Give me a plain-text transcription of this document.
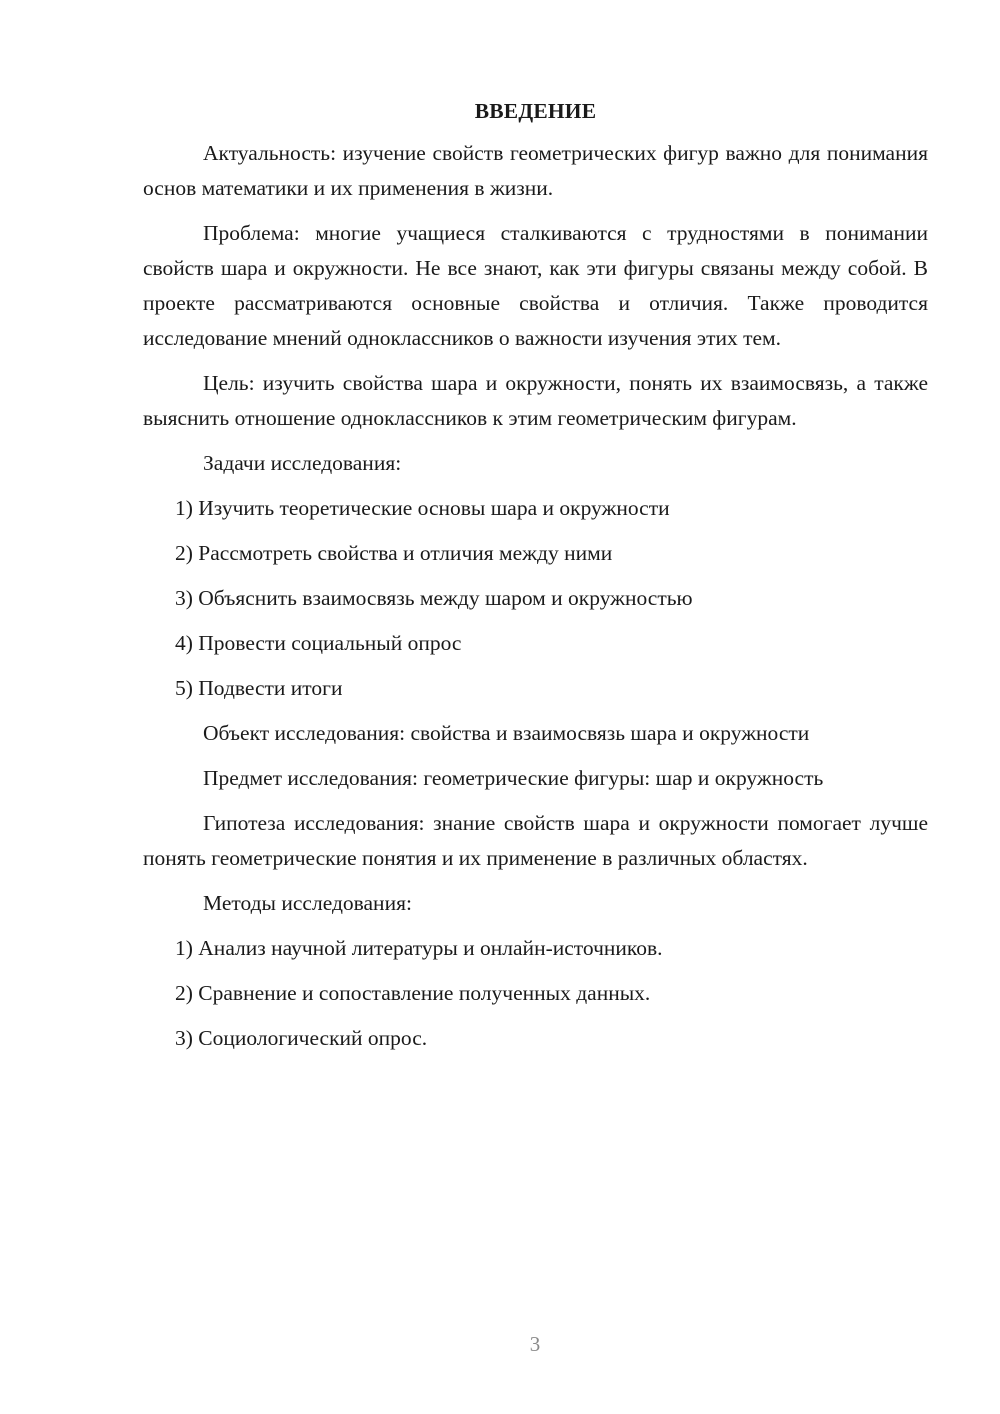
ВВЕДЕНИЕ

Актуальность: изучение свойств геометрических фигур важно для понимания основ математики и их применения в жизни.

Проблема: многие учащиеся сталкиваются с трудностями в понимании свойств шара и окружности. Не все знают, как эти фигуры связаны между собой. В проекте рассматриваются основные свойства и отличия. Также проводится исследование мнений одноклассников о важности изучения этих тем.

Цель: изучить свойства шара и окружности, понять их взаимосвязь, а также выяснить отношение одноклассников к этим геометрическим фигурам.

Задачи исследования:

1) Изучить теоретические основы шара и окружности

2) Рассмотреть свойства и отличия между ними

3) Объяснить взаимосвязь между шаром и окружностью

4) Провести социальный опрос

5) Подвести итоги

Объект исследования: свойства и взаимосвязь шара и окружности

Предмет исследования: геометрические фигуры: шар и окружность

Гипотеза исследования: знание свойств шара и окружности помогает лучше понять геометрические понятия и их применение в различных областях.

Методы исследования:

1) Анализ научной литературы и онлайн-источников.

2) Сравнение и сопоставление полученных данных.

3) Социологический опрос.

3
